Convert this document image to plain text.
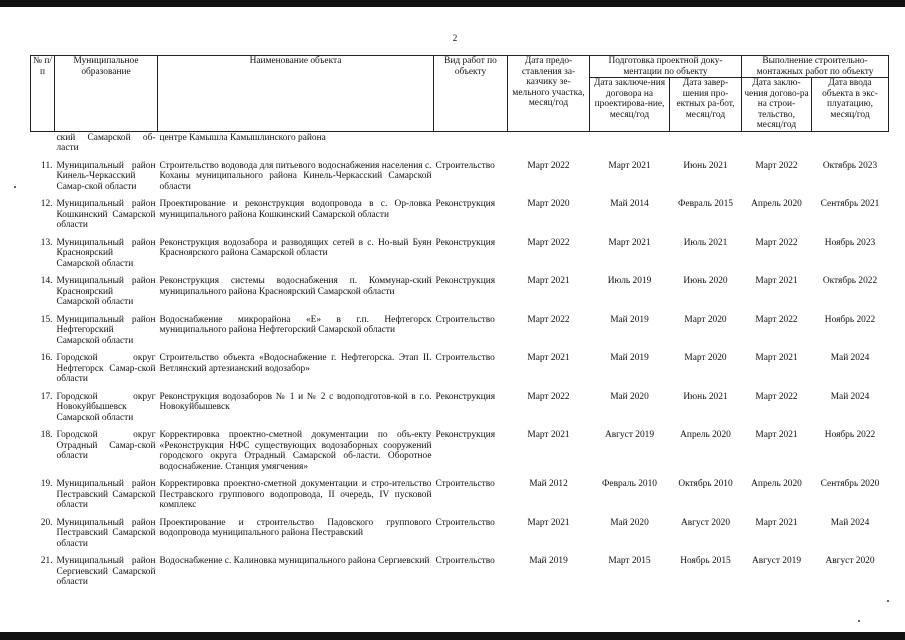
2
№ п/п	Муниципальное образование	Наименование объекта	Вид работ по объекту	Дата предо-ставления за-казчику зе-мельного участка, месяц/год	Подготовка проектной доку-ментации по объекту		Выполнение строительно-монтажных работ по объекту	
					Дата заключе-ния договора на проектирова-ние, месяц/год	Дата завер-шения про-ектных ра-бот, месяц/год	Дата заклю-чения догово-ра на строи-тельство, месяц/год	Дата ввода объекта в экс-плуатацию, месяц/год
	ский Самарской об-ласти	центре Камышла Камышлинского района						
11.	Муниципальный район Кинель-Черкасский Самар-ской области	Строительство водовода для питьевого водоснабжения населения с. Кохаиы муниципального района Кинель-Черкасский Самарской области	Строительство	Март 2022	Март 2021	Июнь 2021	Март 2022	Октябрь 2023
12.	Муниципальный район Кошкинский Самарской области	Проектирование и реконструкция водопровода в с. Ор-ловка муниципального района Кошкинский Самарской области	Реконструкция	Март 2020	Май 2014	Февраль 2015	Апрель 2020	Сентябрь 2021
13.	Муниципальный район Красноярский Самарской области	Реконструкция водозабора и разводящих сетей в с. Но-вый Буян Красноярского района Самарской области	Реконструкция	Март 2022	Март 2021	Июль 2021	Март 2022	Ноябрь 2023
14.	Муниципальный район Красноярский Самарской области	Реконструкция системы водоснабжения п. Коммунар-ский муниципального района Красноярский Самарской области	Реконструкция	Март 2021	Июль 2019	Июнь 2020	Март 2021	Октябрь 2022
15.	Муниципальный район Нефтегорский Самарской области	Водоснабжение микрорайона «Е» в г.п. Нефтегорск муниципального района Нефтегорский Самарской области	Строительство	Март 2022	Май 2019	Март 2020	Март 2022	Ноябрь 2022
16.	Городской округ Нефтегорск Самар-ской области	Строительство объекта «Водоснабжение г. Нефтегорска. Этап II. Ветлянский артезианский водозабор»	Строительство	Март 2021	Май 2019	Март 2020	Март 2021	Май 2024
17.	Городской округ Новокуйбышевск Самарской области	Реконструкция водозаборов № 1 и № 2 с водоподготов-кой в г.о. Новокуйбышевск	Реконструкция	Март 2022	Май 2020	Июнь 2021	Март 2022	Май 2024
18.	Городской округ Отрадный Самар-ской области	Корректировка проектно-сметной документации по объ-екту «Реконструкция НФС существующих водозаборных сооружений городского округа Отрадный Самарской об-ласти. Оборотное водоснабжение. Станция умягчения»	Реконструкция	Март 2021	Август 2019	Апрель 2020	Март 2021	Ноябрь 2022
19.	Муниципальный район Пестравский Самарской области	Корректировка проектно-сметной документации и стро-ительство Пестравского группового водопровода, II очередь, IV пусковой комплекс	Строительство	Май 2012	Февраль 2010	Октябрь 2010	Апрель 2020	Сентябрь 2020
20.	Муниципальный район Пестравский Самарской области	Проектирование и строительство Падовского группового водопровода муниципального района Пестравский	Строительство	Март 2021	Май 2020	Август 2020	Март 2021	Май 2024
21.	Муниципальный район Сергиевский Самарской области	Водоснабжение с. Калиновка муниципального района Сергиевский	Строительство	Май 2019	Март 2015	Ноябрь 2015	Август 2019	Август 2020
